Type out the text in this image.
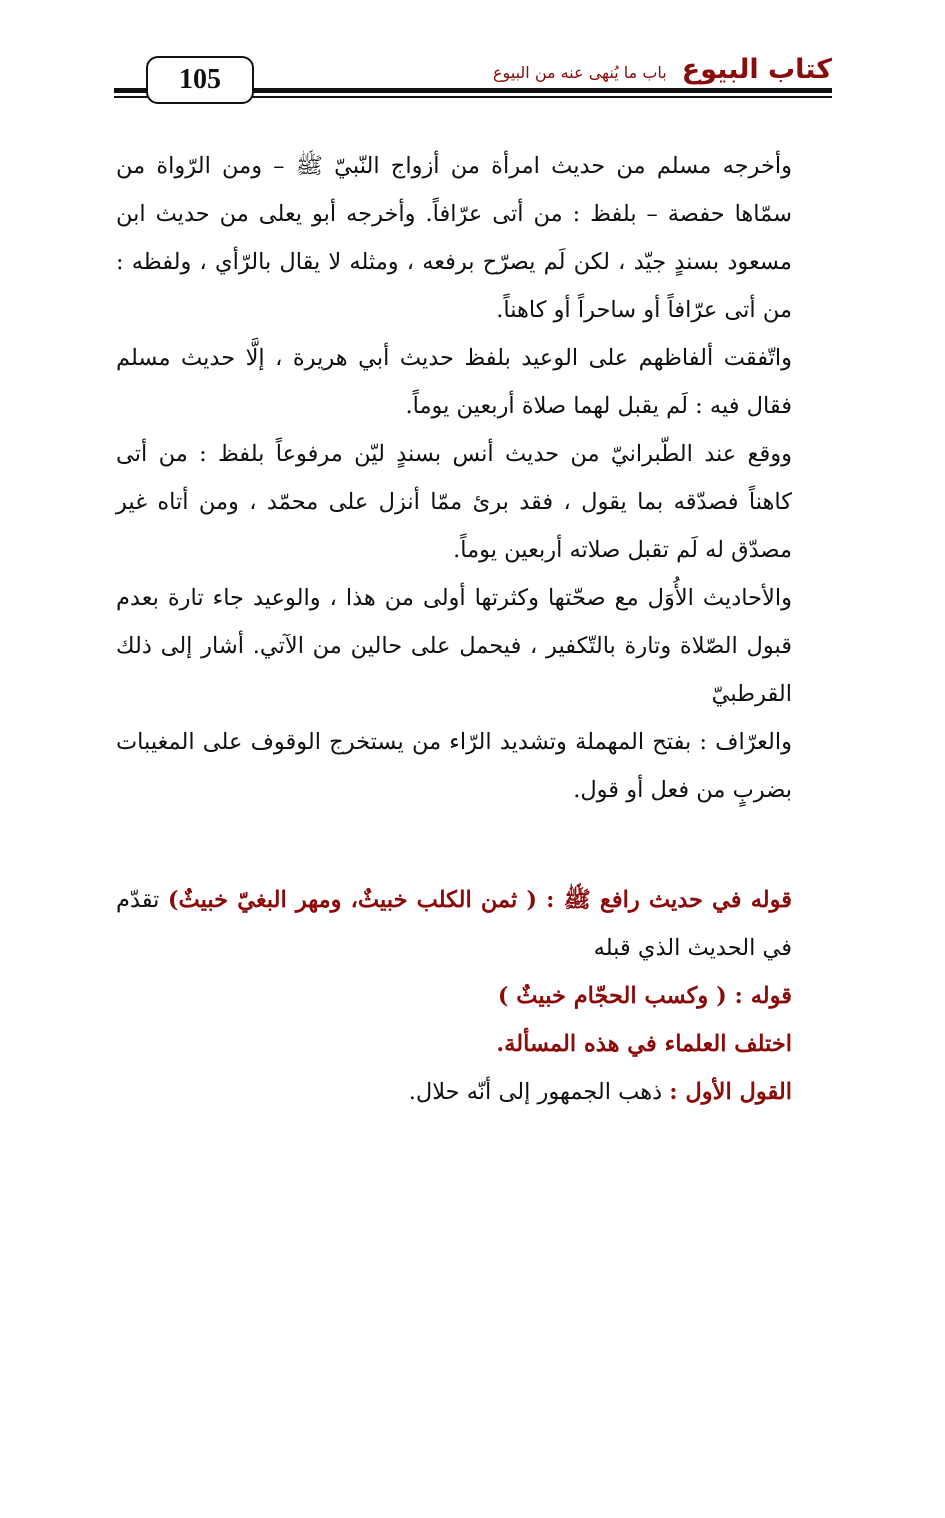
105	كتاب البيوع باب ما يُنهى عنه من البيوع

وأخرجه مسلم من حديث امرأة من أزواج النّبيّ ﷺ – ومن الرّواة من سمّاها حفصة – بلفظ : من أتى عرّافاً. وأخرجه أبو يعلى من حديث ابن مسعود بسندٍ جيّد ، لكن لَم يصرّح برفعه ، ومثله لا يقال بالرّأي ، ولفظه : من أتى عرّافاً أو ساحراً أو كاهناً.

واتّفقت ألفاظهم على الوعيد بلفظ حديث أبي هريرة ، إلَّا حديث مسلم فقال فيه : لَم يقبل لهما صلاة أربعين يوماً.

ووقع عند الطّبرانيّ من حديث أنس بسندٍ ليّن مرفوعاً بلفظ : من أتى كاهناً فصدّقه بما يقول ، فقد برئ ممّا أنزل على محمّد ، ومن أتاه غير مصدّق له لَم تقبل صلاته أربعين يوماً.

والأحاديث الأُوَل مع صحّتها وكثرتها أولى من هذا ، والوعيد جاء تارة بعدم قبول الصّلاة وتارة بالتّكفير ، فيحمل على حالين من الآتي. أشار إلى ذلك القرطبيّ

والعرّاف : بفتح المهملة وتشديد الرّاء من يستخرج الوقوف على المغيبات بضربٍ من فعل أو قول.

قوله في حديث رافع ﷺ : ( ثمن الكلب خبيثٌ، ومهر البغيّ خبيثٌ) تقدّم في الحديث الذي قبله

قوله : ( وكسب الحجّام خبيثٌ )

اختلف العلماء في هذه المسألة.

القول الأول : ذهب الجمهور إلى أنّه حلال.
